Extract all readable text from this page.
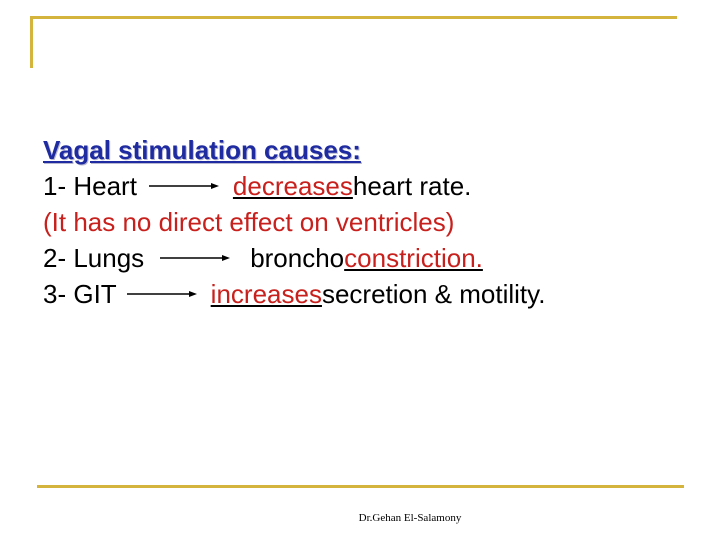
Vagal stimulation causes:
1- Heart	decreases heart rate.
(It has no direct effect on ventricles)
2- Lungs	broncho constriction.
3- GIT	increases secretion & motility.
Dr.Gehan El-Salamony
